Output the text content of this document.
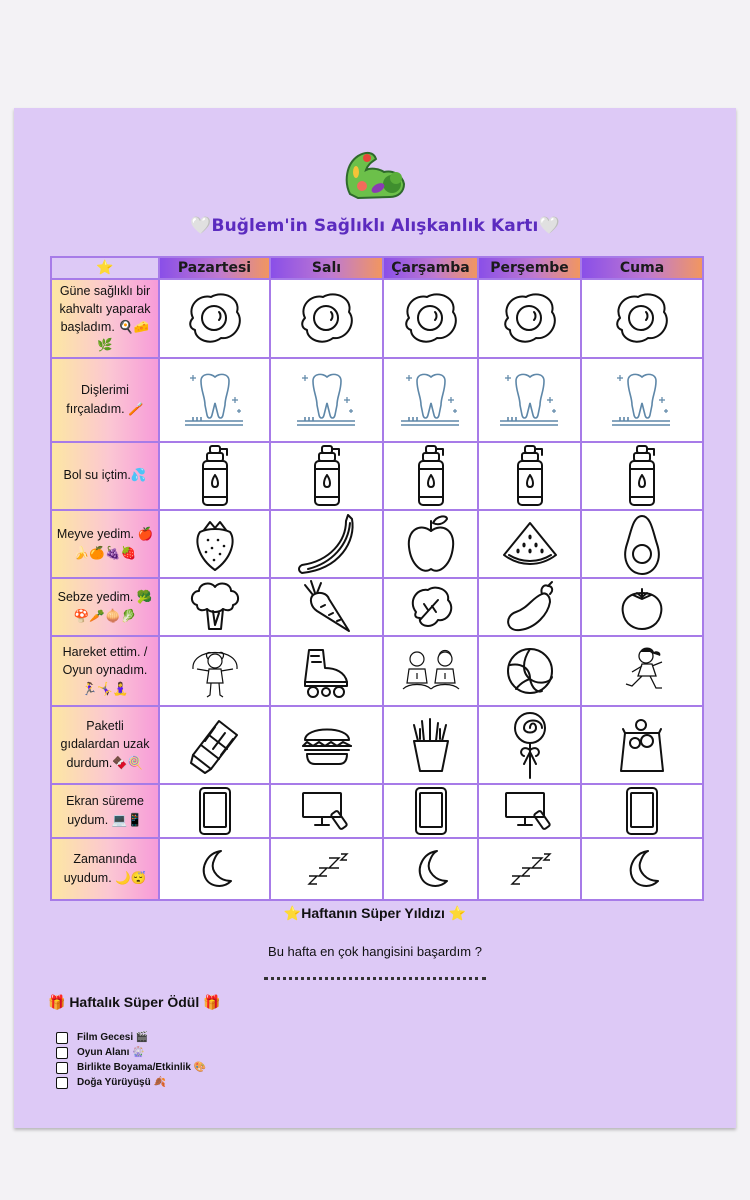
🤍Buğlem'in Sağlıklı Alışkanlık Kartı🤍
⭐	Pazartesi	Salı	Çarşamba	Perşembe	Cuma
Güne sağlıklı bir kahvaltı yaparak başladım. 🍳🧀🌿	

Dişlerimi fırçaladım. 🪥	

Bol su içtim.💦	

Meyve yedim. 🍎🍌🍊🍇🍓	

Sebze yedim. 🥦🍄🥕🧅🥬	

Hareket ettim. / Oyun oynadım. 🏃‍♀️🤸‍♀️🧘‍♀️	

Paketli gıdalardan uzak durdum.🍫🍭	

Ekran süreme uydum. 💻📱	

Zamanında uyudum. 🌙😴	

⭐Haftanın Süper Yıldızı ⭐
Bu hafta en çok hangisini başardım ?
🎁 Haftalık Süper Ödül 🎁
Film Gecesi 🎬
Oyun Alanı 🎡
Birlikte Boyama/Etkinlik 🎨
Doğa Yürüyüşü 🍂
